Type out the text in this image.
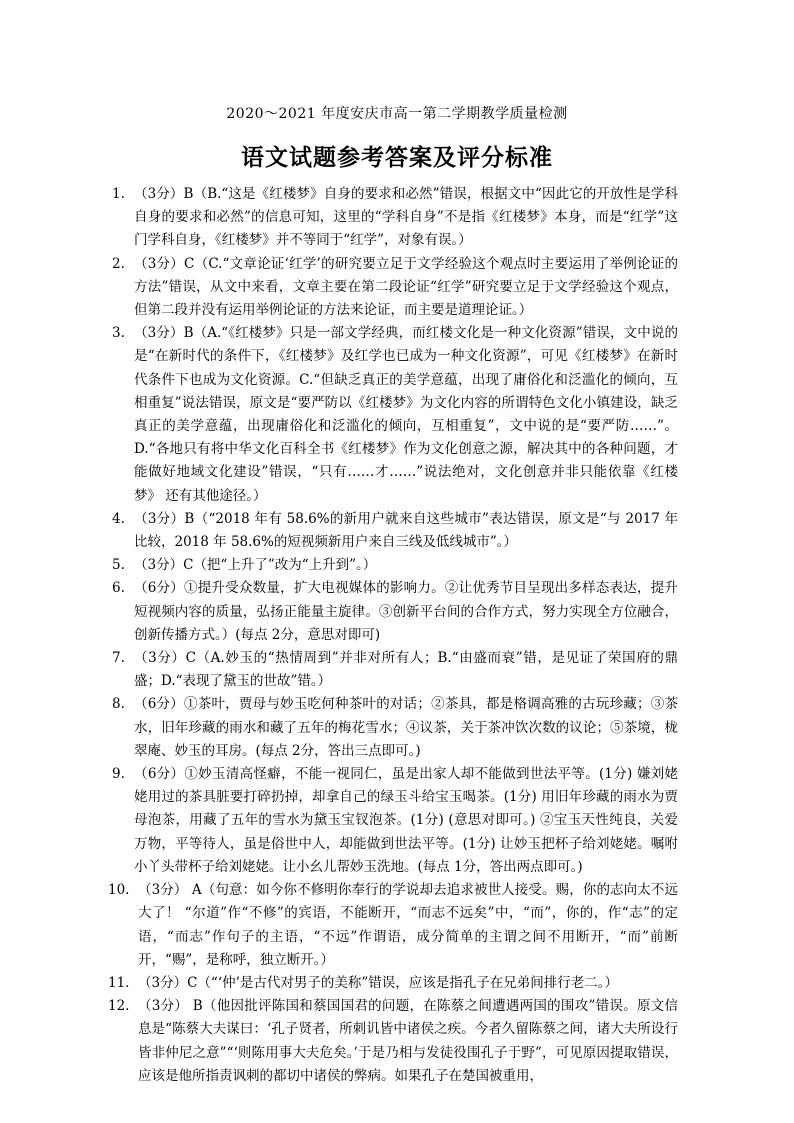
2020～2021 年度安庆市高一第二学期教学质量检测
语文试题参考答案及评分标准
1. （3分）B（B.“这是《红楼梦》自身的要求和必然”错误，根据文中“因此它的开放性是学科自身的要求和必然”的信息可知，这里的“学科自身”不是指《红楼梦》本身，而是“红学”这门学科自身，《红楼梦》并不等同于“红学”，对象有误。）
2. （3分）C（C.“文章论证‘红学’的研究要立足于文学经验这个观点时主要运用了举例论证的方法”错误，从文中来看，文章主要在第二段论证“红学”研究要立足于文学经验这个观点，但第二段并没有运用举例论证的方法来论证，而主要是道理论证。）
3. （3分）B（A.“《红楼梦》只是一部文学经典，而红楼文化是一种文化资源”错误，文中说的是“在新时代的条件下，《红楼梦》及红学也已成为一种文化资源”，可见《红楼梦》在新时代条件下也成为文化资源。C.“但缺乏真正的美学意蕴，出现了庸俗化和泛滥化的倾向，互相重复”说法错误，原文是“要严防以《红楼梦》为文化内容的所谓特色文化小镇建设，缺乏真正的美学意蕴，出现庸俗化和泛滥化的倾向，互相重复”，文中说的是“要严防……”。D.“各地只有将中华文化百科全书《红楼梦》作为文化创意之源，解决其中的各种问题，才能做好地域文化建设”错误，“只有……才……”说法绝对，文化创意并非只能依靠《红楼梦》 还有其他途径。）
4. （3分）B（“2018 年有 58.6%的新用户就来自这些城市”表达错误，原文是“与 2017 年比较，2018 年 58.6%的短视频新用户来自三线及低线城市”。）
5. （3分）C（把“上升了”改为“上升到”。）
6. （6分）①提升受众数量，扩大电视媒体的影响力。②让优秀节目呈现出多样态表达，提升短视频内容的质量，弘扬正能量主旋律。③创新平台间的合作方式，努力实现全方位融合，创新传播方式。）(每点 2分，意思对即可)
7. （3分）C（A.妙玉的“热情周到”并非对所有人；B.“由盛而衰”错，是见证了荣国府的鼎盛；D.“表现了黛玉的世故”错。）
8. （6分）①茶叶，贾母与妙玉吃何种茶叶的对话；②茶具，都是格调高雅的古玩珍藏；③茶水，旧年珍藏的雨水和藏了五年的梅花雪水；④议茶，关于茶冲饮次数的议论；⑤茶境，栊翠庵、妙玉的耳房。(每点 2分，答出三点即可。)
9. （6分）①妙玉清高怪癖，不能一视同仁，虽是出家人却不能做到世法平等。(1分) 嫌刘姥姥用过的茶具脏要打碎扔掉，却拿自己的绿玉斗给宝玉喝茶。(1分) 用旧年珍藏的雨水为贾母泡茶，用藏了五年的雪水为黛玉宝钗泡茶。(1分) (意思对即可。) ②宝玉天性纯良，关爱万物，平等待人，虽是俗世中人，却能做到世法平等。(1分) 让妙玉把杯子给刘姥姥。嘱咐小丫头带杯子给刘姥姥。让小幺儿帮妙玉洗地。(每点 1分，答出两点即可。)
10. （3分） A（句意：如今你不修明你奉行的学说却去追求被世人接受。赐，你的志向太不远大了！ “尔道”作“不修”的宾语，不能断开，“而志不远矣”中，“而”，你的，作“志”的定语，“而志”作句子的主语，“不远”作谓语，成分简单的主谓之间不用断开，“而”前断开，“赐”，是称呼，独立断开。）
11. （3分）C（“‘仲’是古代对男子的美称”错误，应该是指孔子在兄弟间排行老二。）
12. （3分） B（他因批评陈国和蔡国国君的问题，在陈蔡之间遭遇两国的围攻”错误。原文信息是“陈蔡大夫谋曰：‘孔子贤者，所刺讥皆中诸侯之疾。今者久留陈蔡之间，诸大夫所设行皆非仲尼之意”“‘则陈用事大夫危矣。’于是乃相与发徒役围孔子于野”，可见原因提取错误，应该是他所指责讽刺的都切中诸侯的弊病。如果孔子在楚国被重用，
